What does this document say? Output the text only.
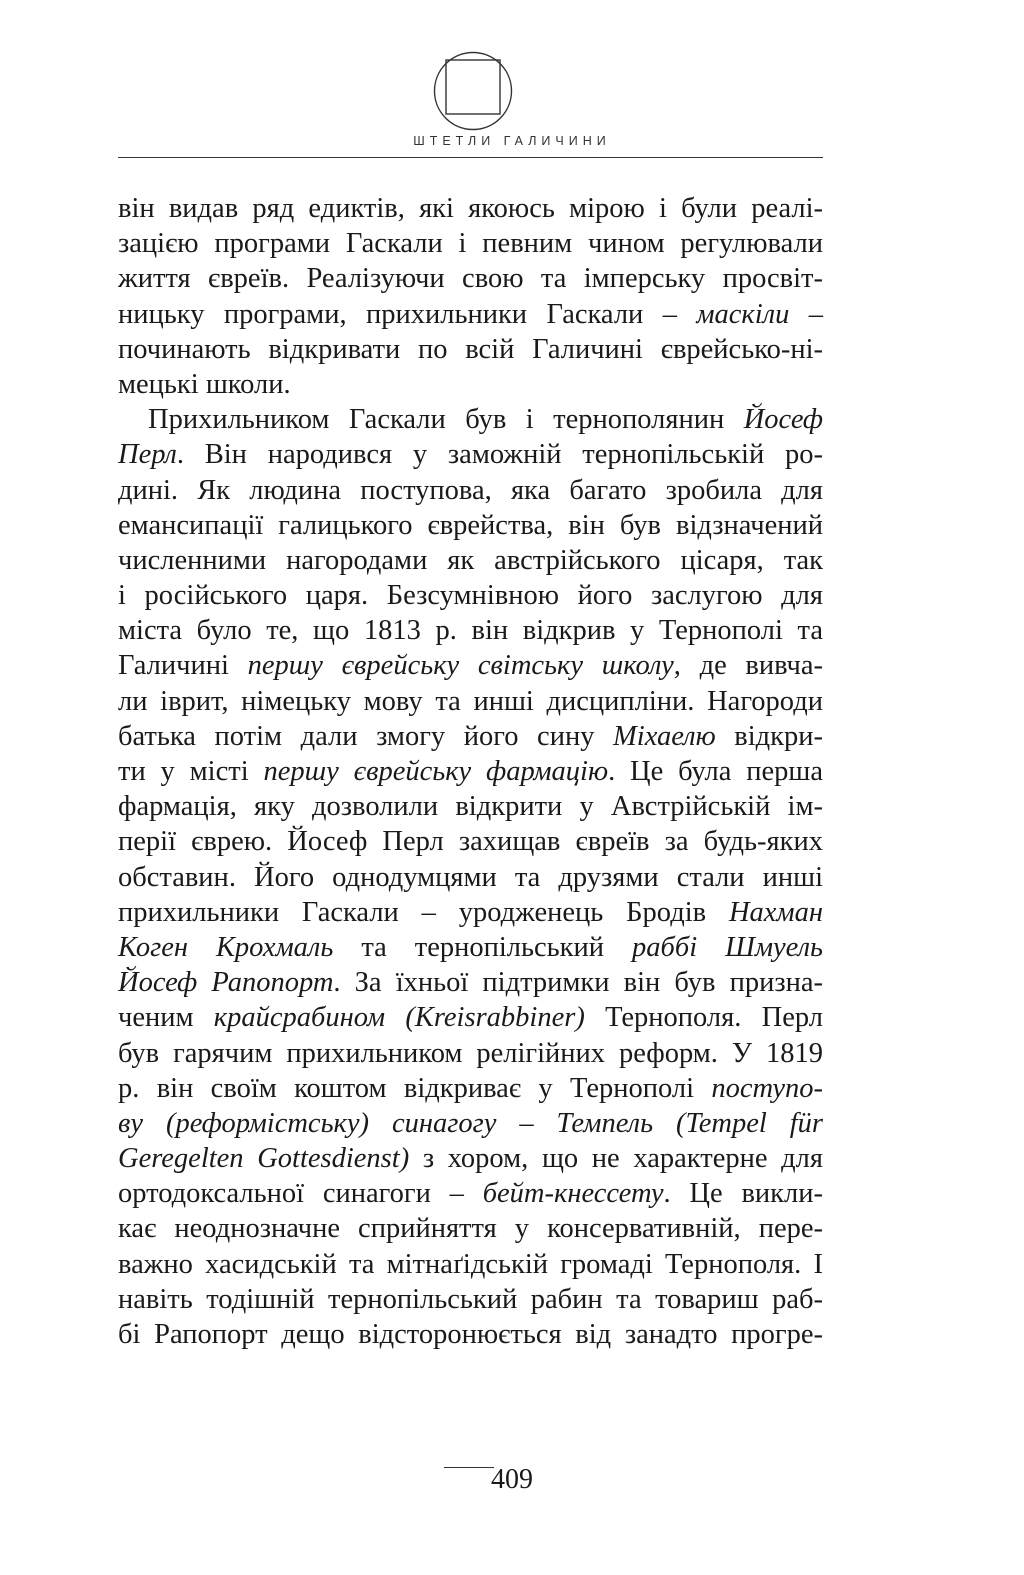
ШТЕТЛИ ГАЛИЧИНИ
він видав ряд едиктів, які якоюсь мірою і були реалі-
зацією програми Гаскали і певним чином регулювали
життя євреїв. Реалізуючи свою та імперську просвіт-
ницьку програми, прихильники Гаскали – маскіли –
починають відкривати по всій Галичині єврейсько-ні-
мецькі школи.
Прихильником Гаскали був і тернополянин Йосеф
Перл. Він народився у заможній тернопільській ро-
дині. Як людина поступова, яка багато зробила для
емансипації галицького єврейства, він був відзначений
численними нагородами як австрійського цісаря, так
і російського царя. Безсумнівною його заслугою для
міста було те, що 1813 р. він відкрив у Тернополі та
Галичині першу єврейську світську школу, де вивча-
ли іврит, німецьку мову та инші дисципліни. Нагороди
батька потім дали змогу його сину Міхаелю відкри-
ти у місті першу єврейську фармацію. Це була перша
фармація, яку дозволили відкрити у Австрійській ім-
перії єврею. Йосеф Перл захищав євреїв за будь-яких
обставин. Його однодумцями та друзями стали инші
прихильники Гаскали – уродженець Бродів Нахман
Коген Крохмаль та тернопільський раббі Шмуель
Йосеф Рапопорт. За їхньої підтримки він був призна-
ченим крайсрабином (Kreisrabbiner) Тернополя. Перл
був гарячим прихильником релігійних реформ. У 1819
р. він своїм коштом відкриває у Тернополі поступо-
ву (реформістську) синагогу – Темпель (Tempel für
Geregelten Gottesdienst) з хором, що не характерне для
ортодоксальної синагоги – бейт-кнессету. Це викли-
кає неоднозначне сприйняття у консервативній, пере-
важно хасидській та мітнаґідській громаді Тернополя. І
навіть тодішній тернопільський рабин та товариш раб-
бі Рапопорт дещо відсторонюється від занадто прогре-
409
